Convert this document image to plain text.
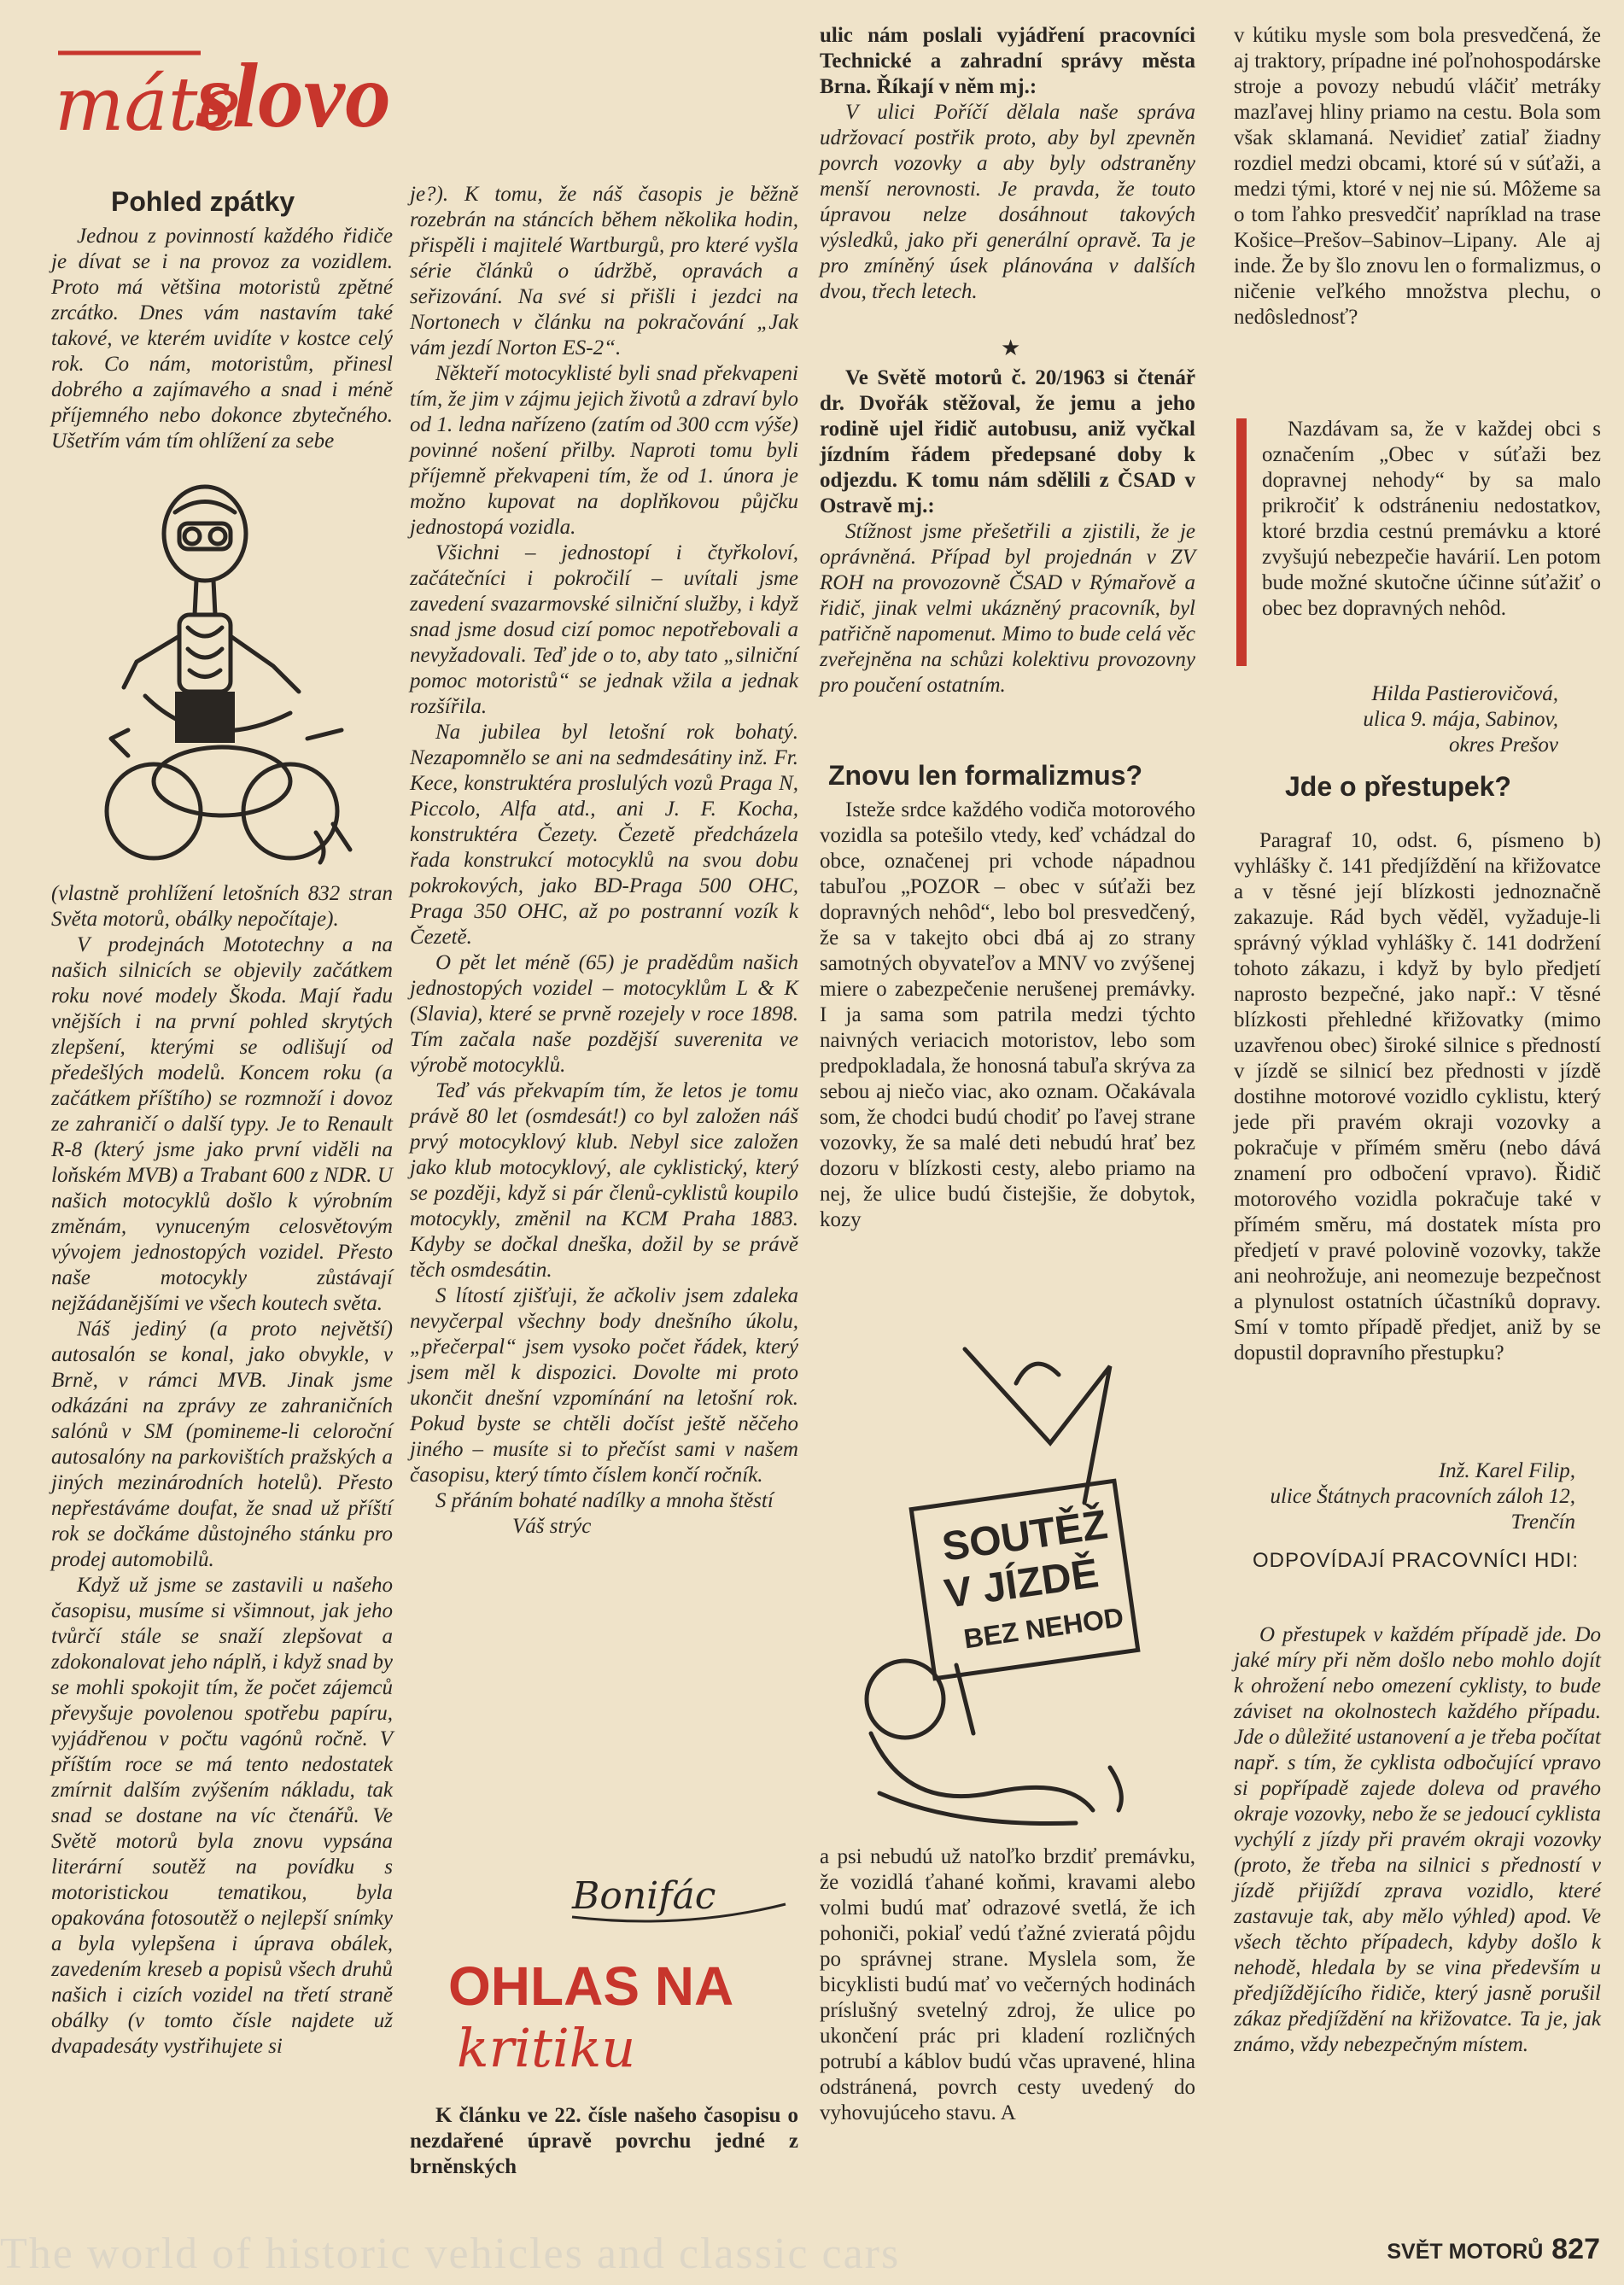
máte
slovo
Pohled zpátky

Jednou z povinností každého řidiče je dívat se i na provoz za vozidlem. Proto má většina motoristů zpětné zrcátko. Dnes vám nastavím také takové, ve kterém uvidíte v kostce celý rok. Co nám, motoristům, přinesl dobrého a zajímavého a snad i méně příjemného nebo dokonce zbytečného. Ušetřím vám tím ohlížení za sebe

(vlastně prohlížení letošních 832 stran Světa motorů, obálky nepočítaje).

V prodejnách Mototechny a na našich silnicích se objevily začátkem roku nové modely Škoda. Mají řadu vnějších i na první pohled skrytých zlepšení, kterými se odlišují od předešlých modelů. Koncem roku (a začátkem příštího) se rozmnoží i dovoz ze zahraničí o další typy. Je to Renault R-8 (který jsme jako první viděli na loňském MVB) a Trabant 600 z NDR. U našich motocyklů došlo k výrobním změnám, vynuceným celosvětovým vývojem jednostopých vozidel. Přesto naše motocykly zůstávají nejžádanějšími ve všech koutech světa.

Náš jediný (a proto největší) autosalón se konal, jako obvykle, v Brně, v rámci MVB. Jinak jsme odkázáni na zprávy ze zahraničních salónů v SM (pomineme-li celoroční autosalóny na parkovištích pražských a jiných mezinárodních hotelů). Přesto nepřestáváme doufat, že snad už příští rok se dočkáme důstojného stánku pro prodej automobilů.

Když už jsme se zastavili u našeho časopisu, musíme si všimnout, jak jeho tvůrčí stále se snaží zlepšovat a zdokonalovat jeho náplň, i když snad by se mohli spokojit tím, že počet zájemců převyšuje povolenou spotřebu papíru, vyjádřenou v počtu vagónů ročně. V příštím roce se má tento nedostatek zmírnit dalším zvýšením nákladu, tak snad se dostane na víc čtenářů. Ve Světě motorů byla znovu vypsána literární soutěž na povídku s motoristickou tematikou, byla opakována fotosoutěž o nejlepší snímky a byla vylepšena i úprava obálek, zavedením kreseb a popisů všech druhů našich i cizích vozidel na třetí straně obálky (v tomto čísle najdete už dvapadesáty vystřihujete si

je?). K tomu, že náš časopis je běžně rozebrán na stáncích během několika hodin, přispěli i majitelé Wartburgů, pro které vyšla série článků o údržbě, opravách a seřizování. Na své si přišli i jezdci na Nortonech v článku na pokračování „Jak vám jezdí Norton ES-2“.

Někteří motocyklisté byli snad překvapeni tím, že jim v zájmu jejich životů a zdraví bylo od 1. ledna nařízeno (zatím od 300 ccm výše) povinné nošení přilby. Naproti tomu byli příjemně překvapeni tím, že od 1. února je možno kupovat na doplňkovou půjčku jednostopá vozidla.

Všichni – jednostopí i čtyřkoloví, začátečníci i pokročilí – uvítali jsme zavedení svazarmovské silniční služby, i když snad jsme dosud cizí pomoc nepotřebovali a nevyžadovali. Teď jde o to, aby tato „silniční pomoc motoristů“ se jednak vžila a jednak rozšířila.

Na jubilea byl letošní rok bohatý. Nezapomnělo se ani na sedmdesátiny inž. Fr. Kece, konstruktéra proslulých vozů Praga N, Piccolo, Alfa atd., ani J. F. Kocha, konstruktéra Čezety. Čezetě předcházela řada konstrukcí motocyklů na svou dobu pokrokových, jako BD-Praga 500 OHC, Praga 350 OHC, až po postranní vozík k Čezetě.

O pět let méně (65) je pradědům našich jednostopých vozidel – motocyklům L & K (Slavia), které se prvně rozejely v roce 1898. Tím začala naše pozdější suverenita ve výrobě motocyklů.

Teď vás překvapím tím, že letos je tomu právě 80 let (osmdesát!) co byl založen náš prvý motocyklový klub. Nebyl sice založen jako klub motocyklový, ale cyklistický, který se později, když si pár členů-cyklistů koupilo motocykly, změnil na KCM Praha 1883. Kdyby se dočkal dneška, dožil by se právě těch osmdesátin.

S lítostí zjišťuji, že ačkoliv jsem zdaleka nevyčerpal všechny body dnešního úkolu, „přečerpal“ jsem vysoko počet řádek, který jsem měl k dispozici. Dovolte mi proto ukončit dnešní vzpomínání na letošní rok. Pokud byste se chtěli dočíst ještě něčeho jiného – musíte si to přečíst sami v našem časopisu, který tímto číslem končí ročník.

S přáním bohaté nadílky a mnoha štěstí

Váš strýc

Bonifác
OHLAS NA
kritiku

K článku ve 22. čísle našeho časopisu o nezdařené úpravě povrchu jedné z brněnských

ulic nám poslali vyjádření pracovníci Technické a zahradní správy města Brna. Říkají v něm mj.:

V ulici Poříčí dělala naše správa udržovací postřik proto, aby byl zpevněn povrch vozovky a aby byly odstraněny menší nerovnosti. Je pravda, že touto úpravou nelze dosáhnout takových výsledků, jako při generální opravě. Ta je pro zmíněný úsek plánována v dalších dvou, třech letech.

★

Ve Světě motorů č. 20/1963 si čtenář dr. Dvořák stěžoval, že jemu a jeho rodině ujel řidič autobusu, aniž vyčkal jízdním řádem předepsané doby k odjezdu. K tomu nám sdělili z ČSAD v Ostravě mj.:

Stížnost jsme přešetřili a zjistili, že je oprávněná. Případ byl projednán v ZV ROH na provozovně ČSAD v Rýmařově a řidič, jinak velmi ukázněný pracovník, byl patřičně napomenut. Mimo to bude celá věc zveřejněna na schůzi kolektivu provozovny pro poučení ostatním.

Znovu len formalizmus?

Isteže srdce každého vodiča motorového vozidla sa potešilo vtedy, keď vchádzal do obce, označenej pri vchode nápadnou tabuľou „POZOR – obec v súťaži bez dopravných nehôd“, lebo bol presvedčený, že sa v takejto obci dbá aj zo strany samotných obyvateľov a MNV vo zvýšenej miere o zabezpečenie nerušenej premávky. I ja sama som patrila medzi týchto naivných veriacich motoristov, lebo som predpokladala, že honosná tabuľa skrýva za sebou aj niečo viac, ako oznam. Očakávala som, že chodci budú chodiť po ľavej strane vozovky, že sa malé deti nebudú hrať bez dozoru v blízkosti cesty, alebo priamo na nej, že ulice budú čistejšie, že dobytok, kozy

SOUTĚŽ
V JÍZDĚ
BEZ NEHOD

a psi nebudú už natoľko brzdiť premávku, že vozidlá ťahané koňmi, kravami alebo volmi budú mať odrazové svetlá, že ich pohoniči, pokiaľ vedú ťažné zvieratá pôjdu po správnej strane. Myslela som, že bicyklisti budú mať vo večerných hodinách príslušný svetelný zdroj, že ulice po ukončení prác pri kladení rozličných potrubí a káblov budú včas upravené, hlina odstránená, povrch cesty uvedený do vyhovujúceho stavu. A

v kútiku mysle som bola presvedčená, že aj traktory, prípadne iné poľnohospodárske stroje a povozy nebudú vláčiť metráky mazľavej hliny priamo na cestu. Bola som však sklamaná. Nevidieť zatiaľ žiadny rozdiel medzi obcami, ktoré sú v súťaži, a medzi tými, ktoré v nej nie sú. Môžeme sa o tom ľahko presvedčiť napríklad na trase Košice–Prešov–Sabinov–Lipany. Ale aj inde. Že by šlo znovu len o formalizmus, o ničenie veľkého množstva plechu, o nedôslednosť?

Nazdávam sa, že v každej obci s označením „Obec v súťaži bez dopravnej nehody“ by sa malo prikročiť k odstráneniu nedostatkov, ktoré brzdia cestnú premávku a ktoré zvyšujú nebezpečie havárií. Len potom bude možné skutočne účinne súťažiť o obec bez dopravných nehôd.

Hilda Pastierovičová,
ulica 9. mája, Sabinov,
okres Prešov
Jde o přestupek?

Paragraf 10, odst. 6, písmeno b) vyhlášky č. 141 předjíždění na křižovatce a v těsné její blízkosti jednoznačně zakazuje. Rád bych věděl, vyžaduje-li správný výklad vyhlášky č. 141 dodržení tohoto zákazu, i když by bylo předjetí naprosto bezpečné, jako např.: V těsné blízkosti přehledné křižovatky (mimo uzavřenou obec) široké silnice s předností v jízdě se silnicí bez přednosti v jízdě dostihne motorové vozidlo cyklistu, který jede při pravém okraji vozovky a pokračuje v přímém směru (nebo dává znamení pro odbočení vpravo). Řidič motorového vozidla pokračuje také v přímém směru, má dostatek místa pro předjetí v pravé polovině vozovky, takže ani neohrožuje, ani neomezuje bezpečnost a plynulost ostatních účastníků dopravy. Smí v tomto případě předjet, aniž by se dopustil dopravního přestupku?

Inž. Karel Filip,
ulice Štátnych pracovních záloh 12, Trenčín
ODPOVÍDAJÍ PRACOVNÍCI HDI:

O přestupek v každém případě jde. Do jaké míry při něm došlo nebo mohlo dojít k ohrožení nebo omezení cyklisty, to bude záviset na okolnostech každého případu. Jde o důležité ustanovení a je třeba počítat např. s tím, že cyklista odbočující vpravo si popřípadě zajede doleva od pravého okraje vozovky, nebo že se jedoucí cyklista vychýlí z jízdy při pravém okraji vozovky (proto, že třeba na silnici s předností v jízdě přijíždí zprava vozidlo, které zastavuje tak, aby mělo výhled) apod. Ve všech těchto případech, kdyby došlo k nehodě, hledala by se vina především u předjíždějícího řidiče, který jasně porušil zákaz předjíždění na křižovatce. Ta je, jak známo, vždy nebezpečným místem.

SVĚT MOTORŮ 827
The world of historic vehicles and classic cars
